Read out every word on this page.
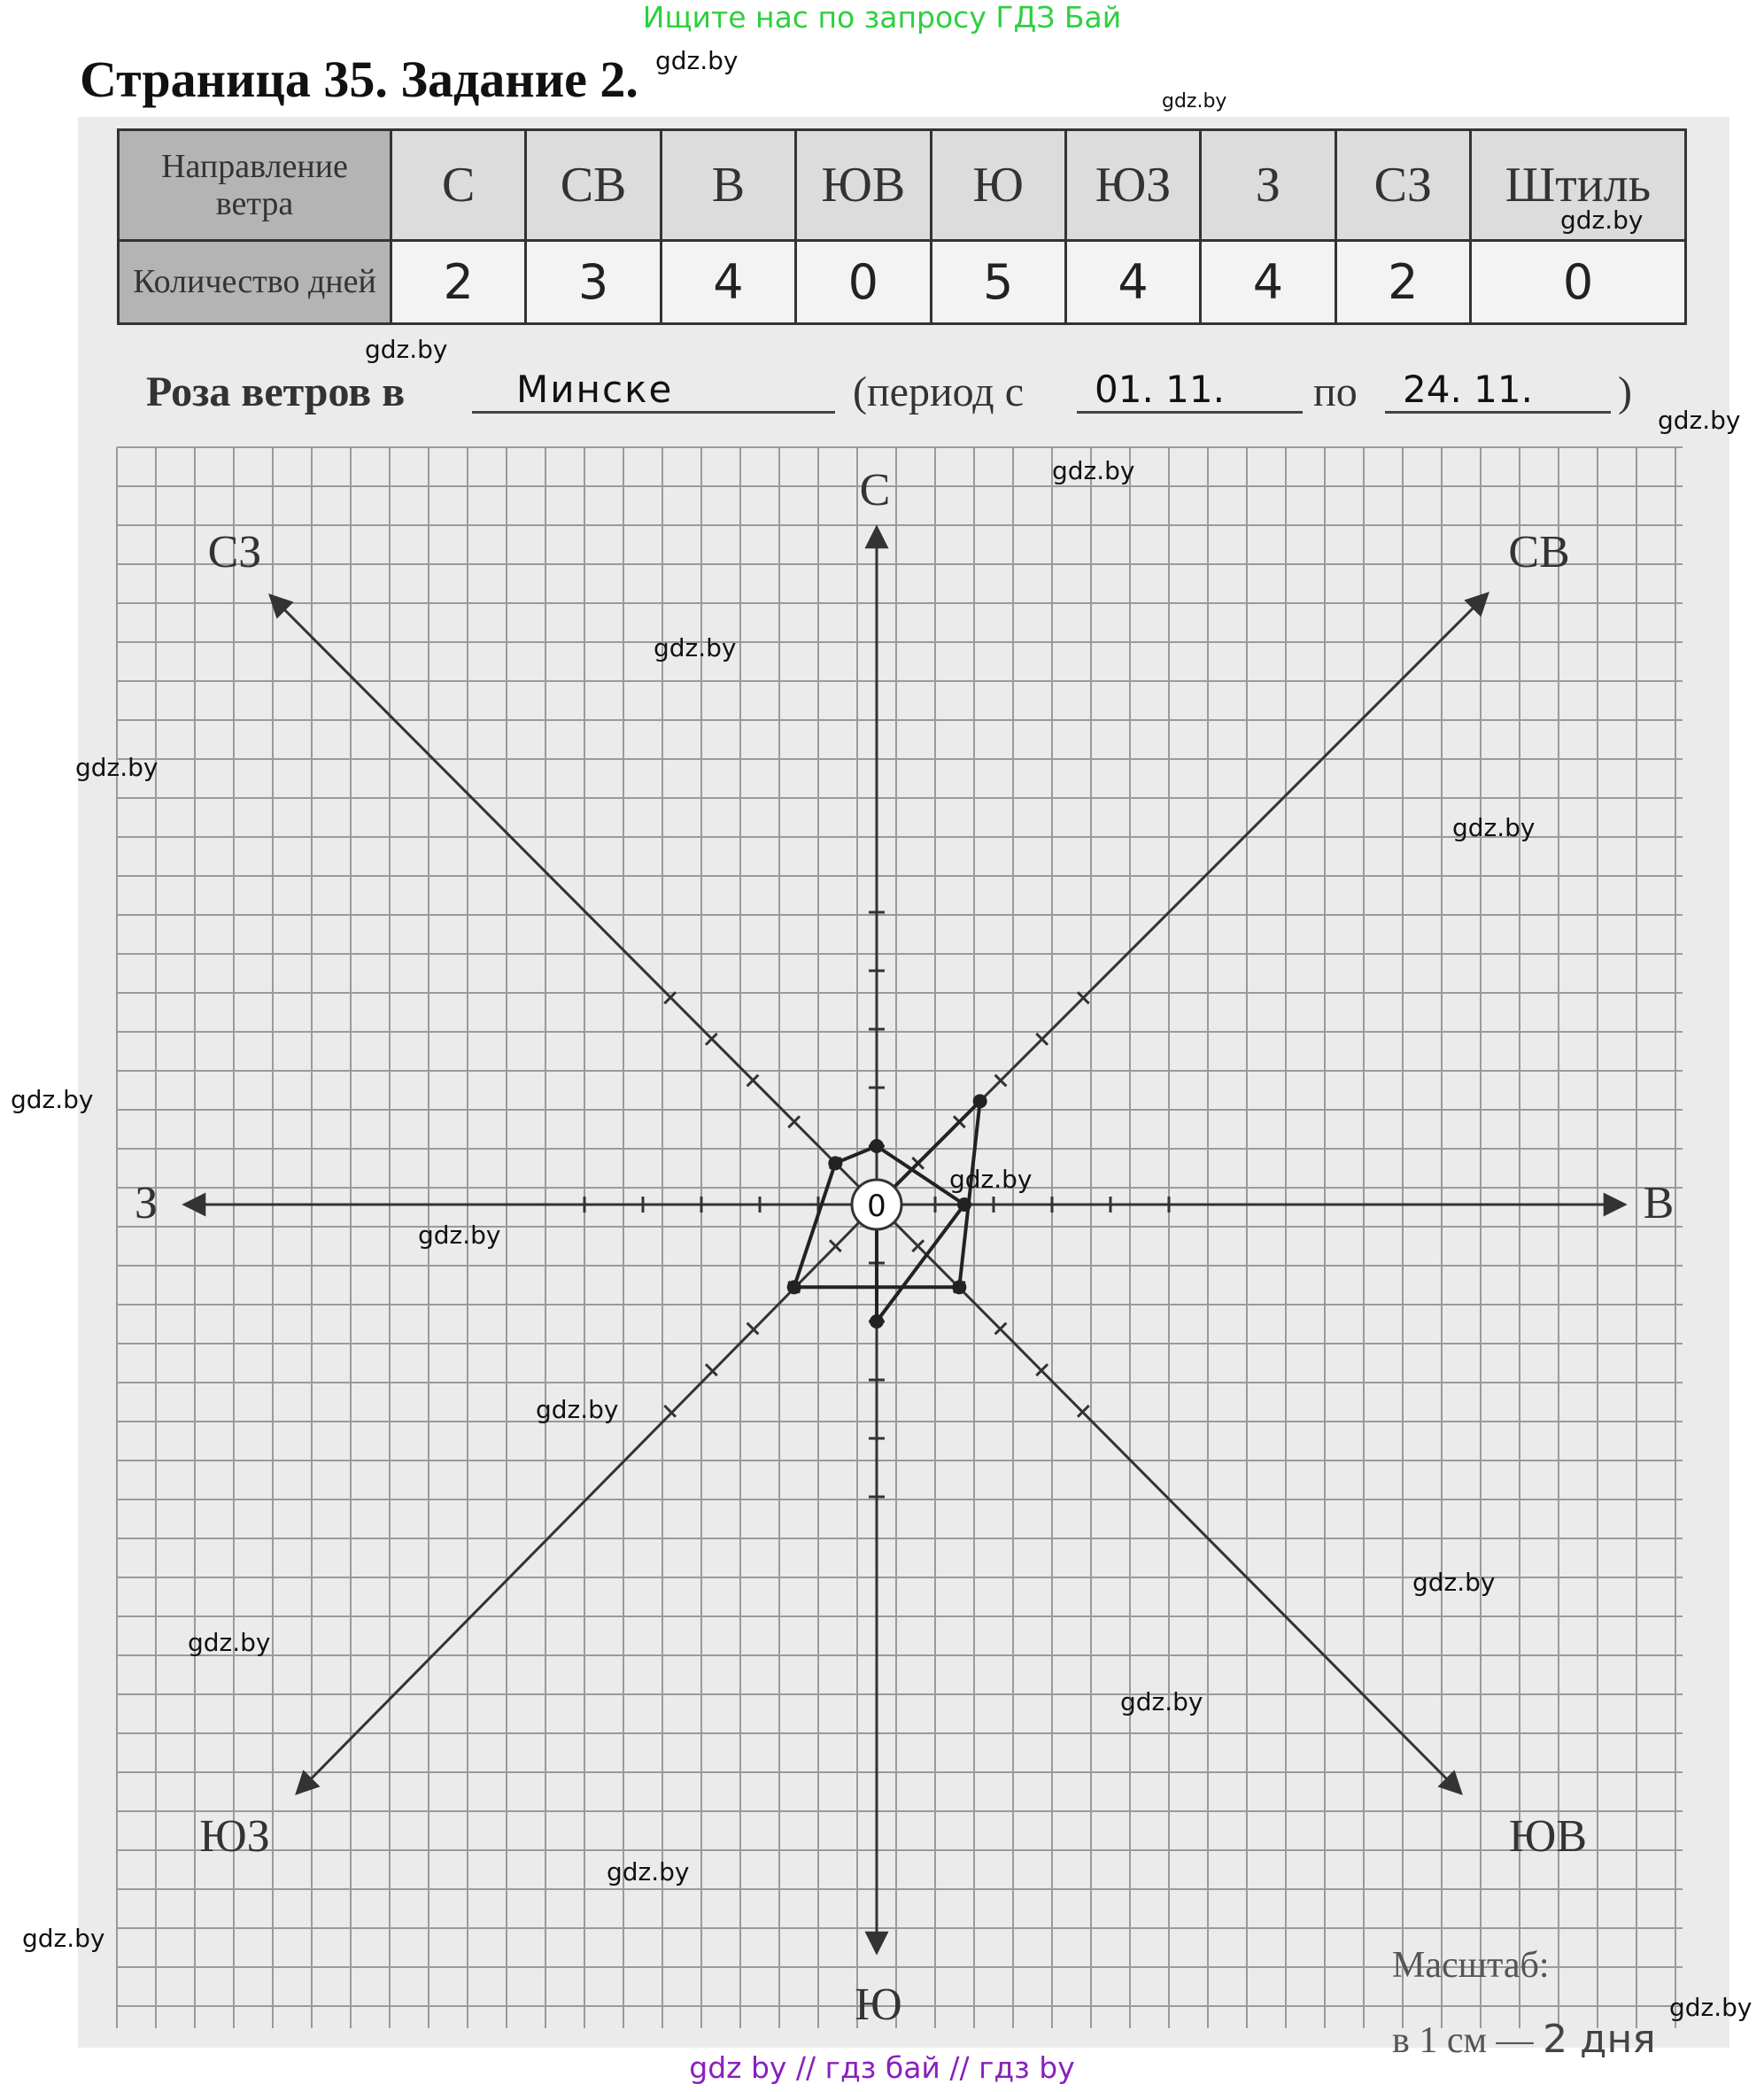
Ищите нас по запросу ГДЗ Бай
Страница 35. Задание 2.
Направление ветра	С	СВ	В	ЮВ	Ю	ЮЗ	З	СЗ	Штиль
Количество дней	2	3	4	0	5	4	4	2	0
Роза ветров в	Минске	(период с	01. 11.	по	24. 11.	)
0
С
СВ
В
ЮВ
Ю
ЮЗ
З
СЗ
Масштаб:
в 1 см — 2 дня
gdz by // гдз бай // гдз by
gdz.by
gdz.by
gdz.by
gdz.by
gdz.by
gdz.by
gdz.by
gdz.by
gdz.by
gdz.by
gdz.by
gdz.by
gdz.by
gdz.by
gdz.by
gdz.by
gdz.by
gdz.by
gdz.by
